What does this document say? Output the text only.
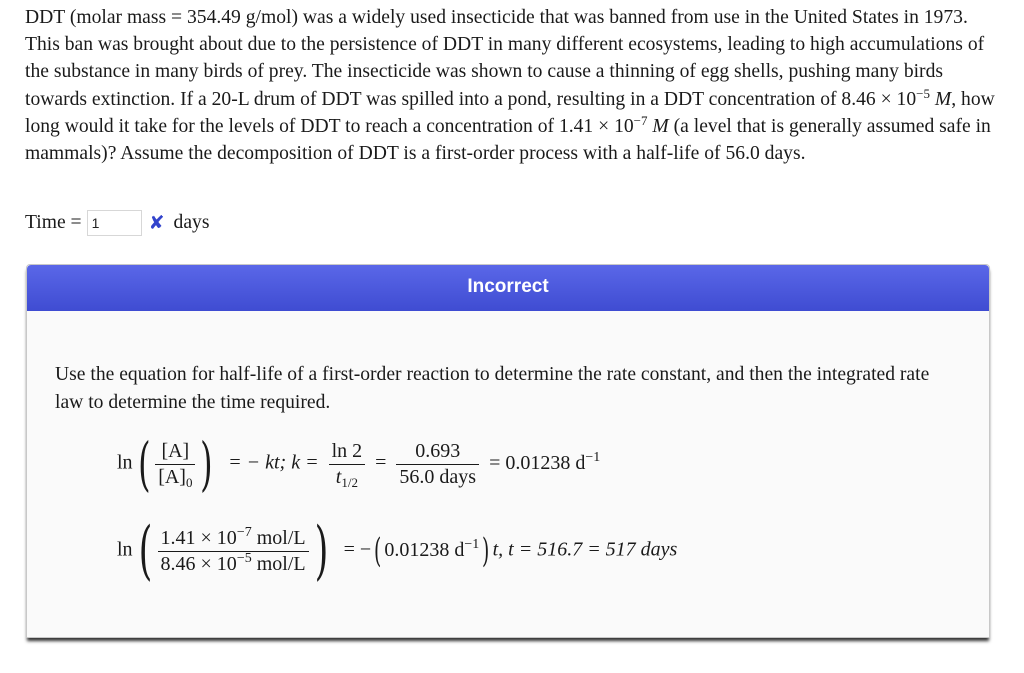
DDT (molar mass = 354.49 g/mol) was a widely used insecticide that was banned from use in the United States in 1973. This ban was brought about due to the persistence of DDT in many different ecosystems, leading to high accumulations of the substance in many birds of prey. The insecticide was shown to cause a thinning of egg shells, pushing many birds towards extinction. If a 20-L drum of DDT was spilled into a pond, resulting in a DDT concentration of $8.46 \times 10^{-5}$ M, how long would it take for the levels of DDT to reach a concentration of $1.41 \times 10^{-7}$ M (a level that is generally assumed safe in mammals)? Assume the decomposition of DDT is a first-order process with a half-life of 56.0 days.

Time =
1	✘ days
Incorrect

Use the equation for half-life of a first-order reaction to determine the rate constant, and then the integrated rate law to determine the time required.

$\ln( \frac{[A]}{[A]_0}$ ) = − kt; $k = \frac{\ln 2}{t_{1/2}} = \frac{0.693}{\text{56.0 days}} = 0.01238$ $d^{-1}$
$\ln( \frac{1.41 \times 10^{-7} mol/L}{8.46 \times 10^{-5} mol/L}$ ) = −( 0.01238 $d^{-1}$) t, t = 516.7 = 517 days
